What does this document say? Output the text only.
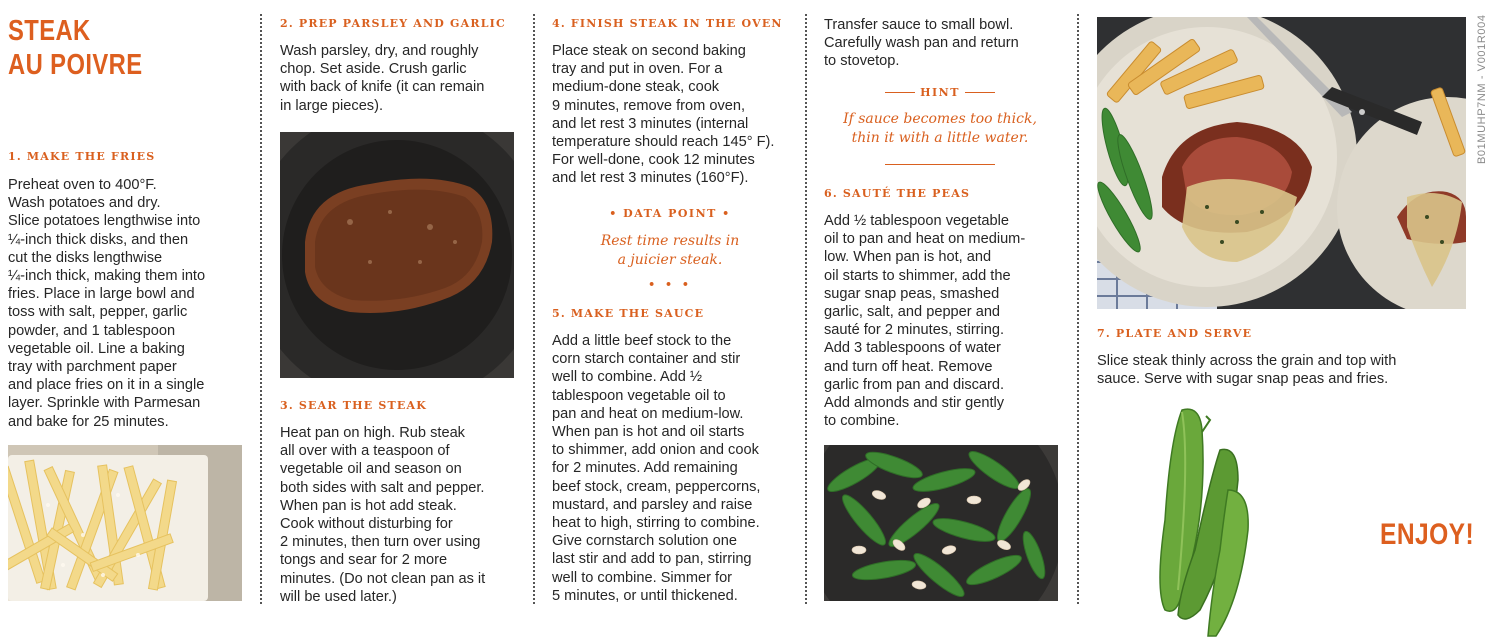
STEAK
AU POIVRE
1. MAKE THE FRIES
Preheat oven to 400°F.
Wash potatoes and dry.
Slice potatoes lengthwise into
¼-inch thick disks, and then
cut the disks lengthwise
¼-inch thick, making them into
fries. Place in large bowl and
toss with salt, pepper, garlic
powder, and 1 tablespoon
vegetable oil. Line a baking
tray with parchment paper
and place fries on it in a single
layer. Sprinkle with Parmesan
and bake for 25 minutes.
2. PREP PARSLEY AND GARLIC
Wash parsley, dry, and roughly
chop. Set aside. Crush garlic
with back of knife (it can remain
in large pieces).
3. SEAR THE STEAK
Heat pan on high. Rub steak
all over with a teaspoon of
vegetable oil and season on
both sides with salt and pepper.
When pan is hot add steak.
Cook without disturbing for
2 minutes, then turn over using
tongs and sear for 2 more
minutes. (Do not clean pan as it
will be used later.)
4. FINISH STEAK IN THE OVEN
Place steak on second baking
tray and put in oven. For a
medium-done steak, cook
9 minutes, remove from oven,
and let rest 3 minutes (internal
temperature should reach 145° F).
For well-done, cook 12 minutes
and let rest 3 minutes (160°F).
• DATA POINT •
Rest time results in
a juicier steak.
• • •
5. MAKE THE SAUCE
Add a little beef stock to the
corn starch container and stir
well to combine. Add ½
tablespoon vegetable oil to
pan and heat on medium-low.
When pan is hot and oil starts
to shimmer, add onion and cook
for 2 minutes. Add remaining
beef stock, cream, peppercorns,
mustard, and parsley and raise
heat to high, stirring to combine.
Give cornstarch solution one
last stir and add to pan, stirring
well to combine. Simmer for
5 minutes, or until thickened.
Transfer sauce to small bowl.
Carefully wash pan and return
to stovetop.
HINT
If sauce becomes too thick,
thin it with a little water.
6. SAUTÉ THE PEAS
Add ½ tablespoon vegetable
oil to pan and heat on medium-
low. When pan is hot, and
oil starts to shimmer, add the
sugar snap peas, smashed
garlic, salt, and pepper and
sauté for 2 minutes, stirring.
Add 3 tablespoons of water
and turn off heat. Remove
garlic from pan and discard.
Add almonds and stir gently
to combine.
7. PLATE AND SERVE
Slice steak thinly across the grain and top with
sauce. Serve with sugar snap peas and fries.
ENJOY!
B01MUHP7NM - V001R004
